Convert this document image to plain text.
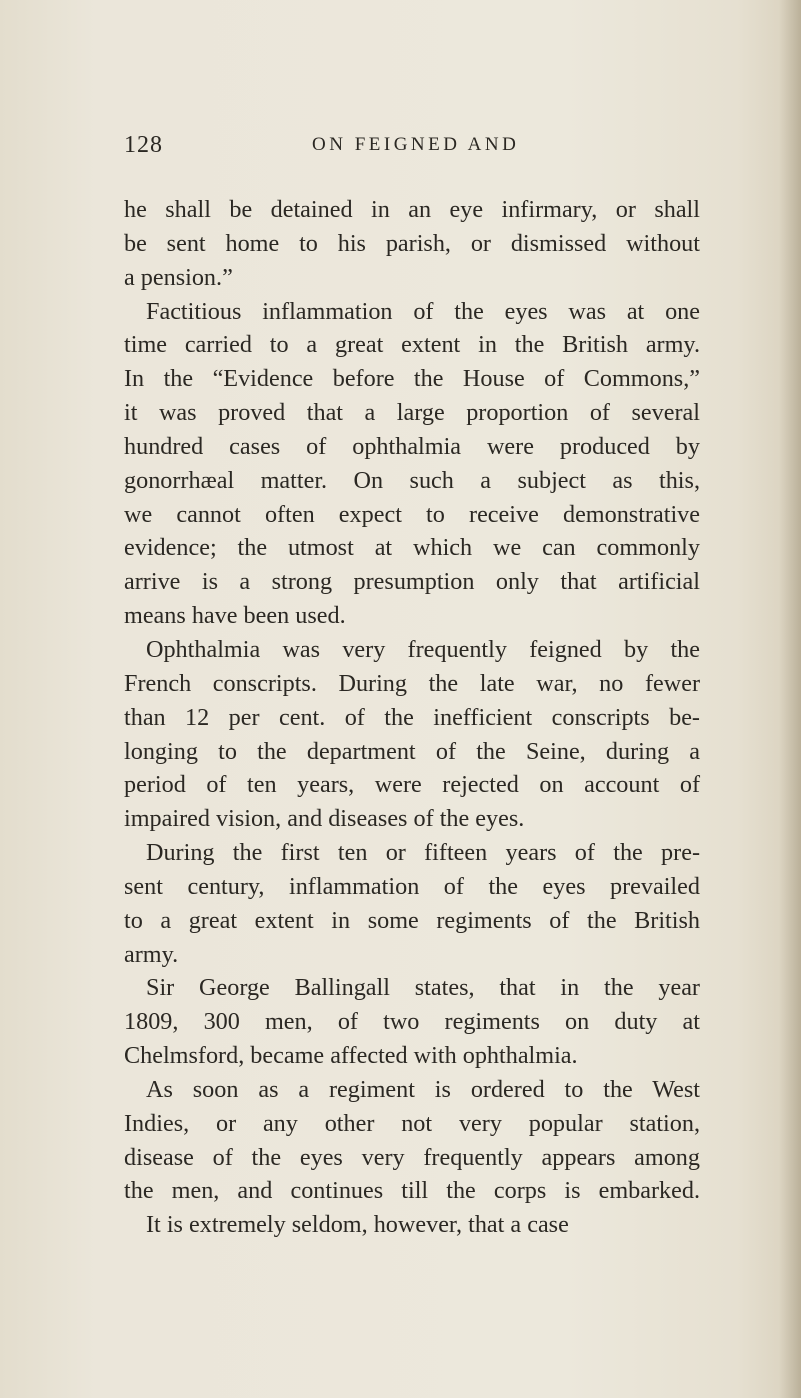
128	ON FEIGNED AND
he shall be detained in an eye infirmary, or shall
be sent home to his parish, or dismissed without
a pension.”
Factitious inflammation of the eyes was at one
time carried to a great extent in the British army.
In the “Evidence before the House of Commons,”
it was proved that a large proportion of several
hundred cases of ophthalmia were produced by
gonorrhæal matter. On such a subject as this,
we cannot often expect to receive demonstrative
evidence; the utmost at which we can commonly
arrive is a strong presumption only that artificial
means have been used.
Ophthalmia was very frequently feigned by the
French conscripts. During the late war, no fewer
than 12 per cent. of the inefficient conscripts be-
longing to the department of the Seine, during a
period of ten years, were rejected on account of
impaired vision, and diseases of the eyes.
During the first ten or fifteen years of the pre-
sent century, inflammation of the eyes prevailed
to a great extent in some regiments of the British
army.
Sir George Ballingall states, that in the year
1809, 300 men, of two regiments on duty at
Chelmsford, became affected with ophthalmia.
As soon as a regiment is ordered to the West
Indies, or any other not very popular station,
disease of the eyes very frequently appears among
the men, and continues till the corps is embarked.
It is extremely seldom, however, that a case
